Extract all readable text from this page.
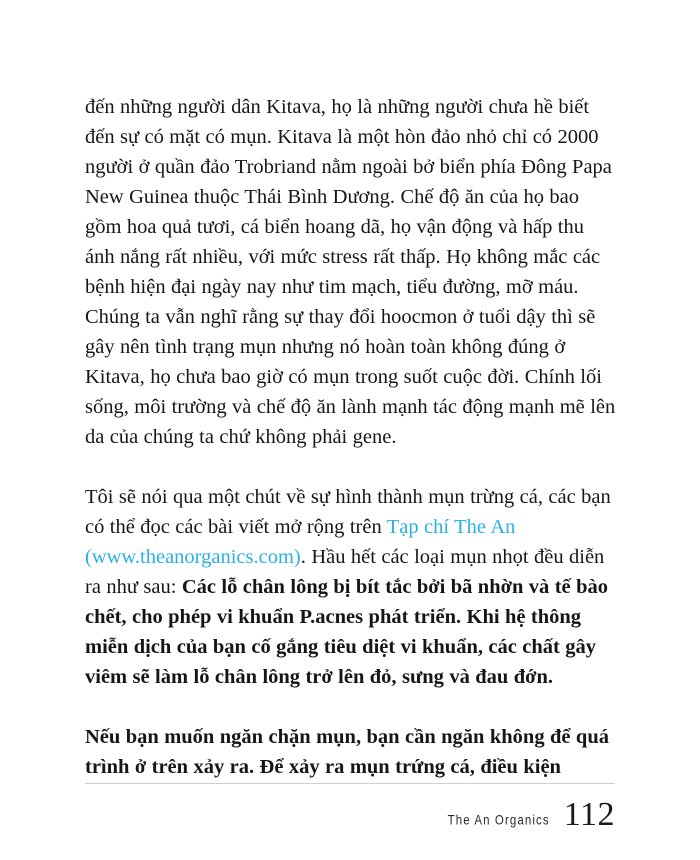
đến những người dân Kitava, họ là những người chưa hề biết đến sự có mặt có mụn. Kitava là một hòn đảo nhỏ chỉ có 2000 người ở quần đảo Trobriand nằm ngoài bở biển phía Đông Papa New Guinea thuộc Thái Bình Dương. Chế độ ăn của họ bao gồm hoa quả tươi, cá biển hoang dã, họ vận động và hấp thu ánh nắng rất nhiều, với mức stress rất thấp. Họ không mắc các bệnh hiện đại ngày nay như tim mạch, tiểu đường, mỡ máu. Chúng ta vẫn nghĩ rằng sự thay đổi hoocmon ở tuổi dậy thì sẽ gây nên tình trạng mụn nhưng nó hoàn toàn không đúng ở Kitava, họ chưa bao giờ có mụn trong suốt cuộc đời. Chính lối sống, môi trường và chế độ ăn lành mạnh tác động mạnh mẽ lên da của chúng ta chứ không phải gene.

Tôi sẽ nói qua một chút về sự hình thành mụn trừng cá, các bạn có thể đọc các bài viết mở rộng trên Tạp chí The An (www.theanorganics.com). Hầu hết các loại mụn nhọt đều diễn ra như sau: Các lỗ chân lông bị bít tắc bởi bã nhờn và tế bào chết, cho phép vi khuẩn P.acnes phát triển. Khi hệ thông miễn dịch của bạn cố gắng tiêu diệt vi khuẩn, các chất gây viêm sẽ làm lỗ chân lông trở lên đỏ, sưng và đau đớn.

Nếu bạn muốn ngăn chặn mụn, bạn cần ngăn không để quá trình ở trên xảy ra. Để xảy ra mụn trứng cá, điều kiện

The An Organics 112
